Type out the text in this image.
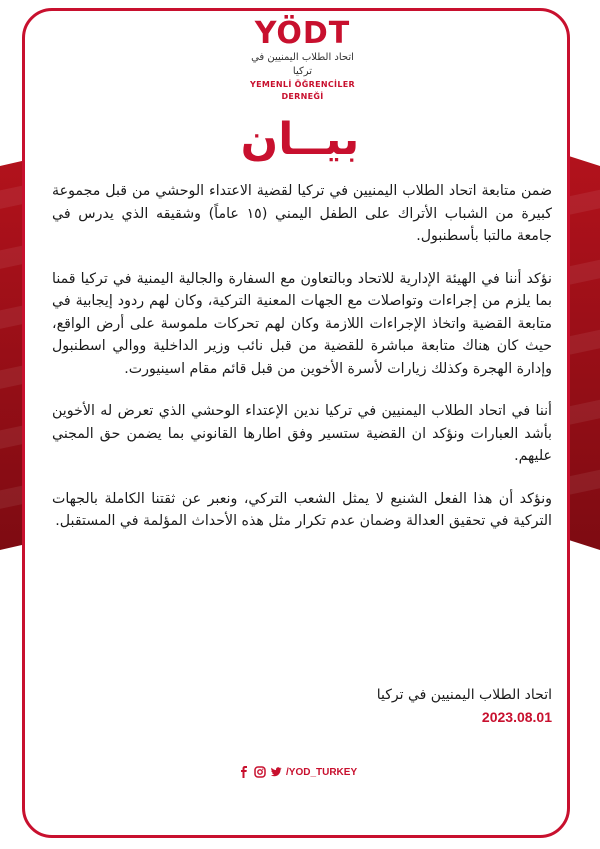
YÖDT
اتحاد الطلاب اليمنيين في تركيا
YEMENLİ ÖĞRENCİLER DERNEĞİ
بيــان

ضمن متابعة اتحاد الطلاب اليمنيين في تركيا لقضية الاعتداء الوحشي من قبل مجموعة كبيرة من الشباب الأتراك على الطفل اليمني (١٥ عاماً) وشقيقه الذي يدرس في جامعة مالتبا بأسطنبول.

نؤكد أننا في الهيئة الإدارية للاتحاد وبالتعاون مع السفارة والجالية اليمنية في تركيا قمنا بما يلزم من إجراءات وتواصلات مع الجهات المعنية التركية، وكان لهم ردود إيجابية في متابعة القضية واتخاذ الإجراءات اللازمة وكان لهم تحركات ملموسة على أرض الواقع، حيث كان هناك متابعة مباشرة للقضية من قبل نائب وزير الداخلية ووالي اسطنبول وإدارة الهجرة وكذلك زيارات لأسرة الأخوين من قبل قائم مقام اسينيورت.

أننا في اتحاد الطلاب اليمنيين في تركيا ندين الإعتداء الوحشي الذي تعرض له الأخوين بأشد العبارات ونؤكد ان القضية ستسير وفق اطارها القانوني بما يضمن حق المجني عليهم.

ونؤكد أن هذا الفعل الشنيع لا يمثل الشعب التركي، ونعبر عن ثقتنا الكاملة بالجهات التركية في تحقيق العدالة وضمان عدم تكرار مثل هذه الأحداث المؤلمة في المستقبل.

اتحاد الطلاب اليمنيين في تركيا
2023.08.01
/YOD_TURKEY
